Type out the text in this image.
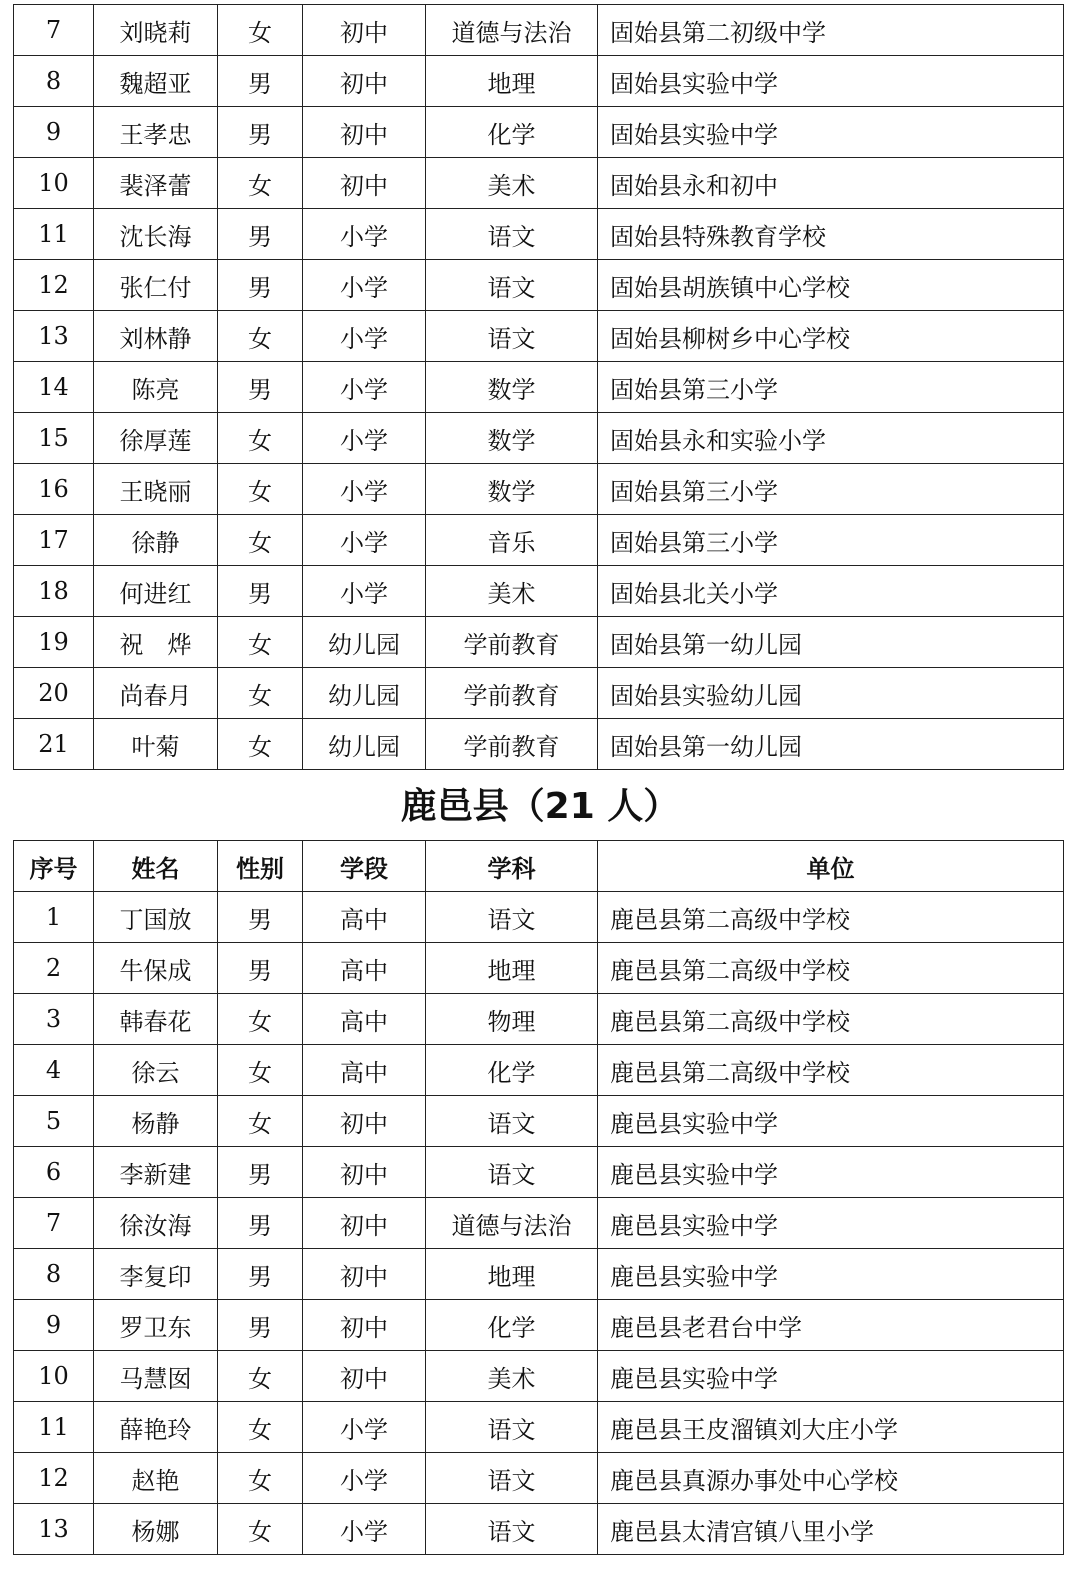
7	刘晓莉	女	初中	道德与法治	固始县第二初级中学
8	魏超亚	男	初中	地理	固始县实验中学
9	王孝忠	男	初中	化学	固始县实验中学
10	裴泽蕾	女	初中	美术	固始县永和初中
11	沈长海	男	小学	语文	固始县特殊教育学校
12	张仁付	男	小学	语文	固始县胡族镇中心学校
13	刘林静	女	小学	语文	固始县柳树乡中心学校
14	陈亮	男	小学	数学	固始县第三小学
15	徐厚莲	女	小学	数学	固始县永和实验小学
16	王晓丽	女	小学	数学	固始县第三小学
17	徐静	女	小学	音乐	固始县第三小学
18	何进红	男	小学	美术	固始县北关小学
19	祝　烨	女	幼儿园	学前教育	固始县第一幼儿园
20	尚春月	女	幼儿园	学前教育	固始县实验幼儿园
21	叶菊	女	幼儿园	学前教育	固始县第一幼儿园
鹿邑县（21 人）
序号	姓名	性别	学段	学科	单位
1	丁国放	男	高中	语文	鹿邑县第二高级中学校
2	牛保成	男	高中	地理	鹿邑县第二高级中学校
3	韩春花	女	高中	物理	鹿邑县第二高级中学校
4	徐云	女	高中	化学	鹿邑县第二高级中学校
5	杨静	女	初中	语文	鹿邑县实验中学
6	李新建	男	初中	语文	鹿邑县实验中学
7	徐汝海	男	初中	道德与法治	鹿邑县实验中学
8	李复印	男	初中	地理	鹿邑县实验中学
9	罗卫东	男	初中	化学	鹿邑县老君台中学
10	马慧囡	女	初中	美术	鹿邑县实验中学
11	薛艳玲	女	小学	语文	鹿邑县王皮溜镇刘大庄小学
12	赵艳	女	小学	语文	鹿邑县真源办事处中心学校
13	杨娜	女	小学	语文	鹿邑县太清宫镇八里小学
